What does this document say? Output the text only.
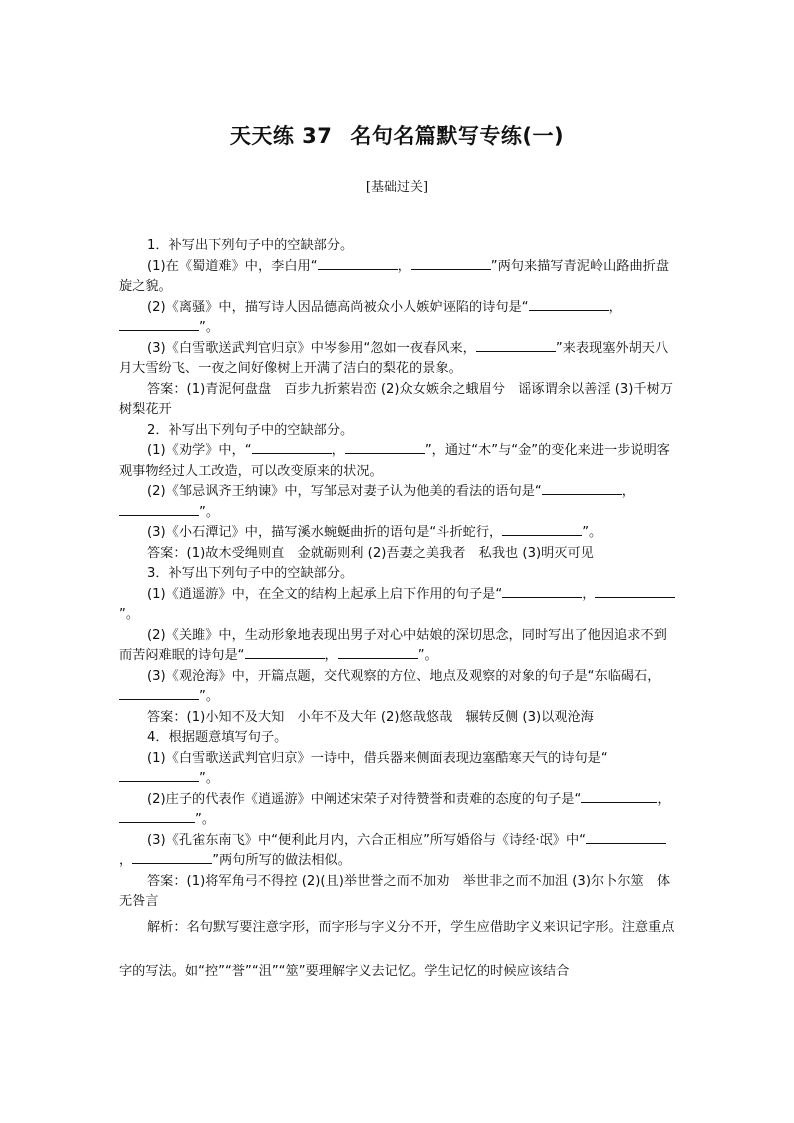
天天练 37 名句名篇默写专练(一)
[基础过关]

1．补写出下列句子中的空缺部分。

(1)在《蜀道难》中，李白用“	，	”两句来描写青泥岭山路曲折盘旋之貌。

(2)《离骚》中，描写诗人因品德高尚被众小人嫉妒诬陷的诗句是“	，”。

(3)《白雪歌送武判官归京》中岑参用“忽如一夜春风来，	”来表现塞外胡天八月大雪纷飞、一夜之间好像树上开满了洁白的梨花的景象。

答案：(1)青泥何盘盘　百步九折萦岩峦 (2)众女嫉余之蛾眉兮　谣诼谓余以善淫 (3)千树万树梨花开

2．补写出下列句子中的空缺部分。

(1)《劝学》中，“	，	”，通过“木”与“金”的变化来进一步说明客观事物经过人工改造，可以改变原来的状况。

(2)《邹忌讽齐王纳谏》中，写邹忌对妻子认为他美的看法的语句是“	，”。

(3)《小石潭记》中，描写溪水蜿蜒曲折的语句是“斗折蛇行，	”。

答案：(1)故木受绳则直　金就砺则利 (2)吾妻之美我者　私我也 (3)明灭可见

3．补写出下列句子中的空缺部分。

(1)《逍遥游》中，在全文的结构上起承上启下作用的句子是“	，”。

(2)《关雎》中，生动形象地表现出男子对心中姑娘的深切思念，同时写出了他因追求不到而苦闷难眠的诗句是“	，	”。

(3)《观沧海》中，开篇点题，交代观察的方位、地点及观察的对象的句子是“东临碣石，”。

答案：(1)小知不及大知　小年不及大年 (2)悠哉悠哉　辗转反侧 (3)以观沧海

4．根据题意填写句子。

(1)《白雪歌送武判官归京》一诗中，借兵器来侧面表现边塞酷寒天气的诗句是“”。

(2)庄子的代表作《逍遥游》中阐述宋荣子对待赞誉和责难的态度的句子是“	，”。

(3)《孔雀东南飞》中“便利此月内，六合正相应”所写婚俗与《诗经·氓》中“，	”两句所写的做法相似。

答案：(1)将军角弓不得控 (2)(且)举世誉之而不加劝　举世非之而不加沮 (3)尔卜尔筮　体无咎言

解析：名句默写要注意字形，而字形与字义分不开，学生应借助字义来识记字形。注意重点字的写法。如“控”“誉”“沮”“筮”要理解字义去记忆。学生记忆的时候应该结合
